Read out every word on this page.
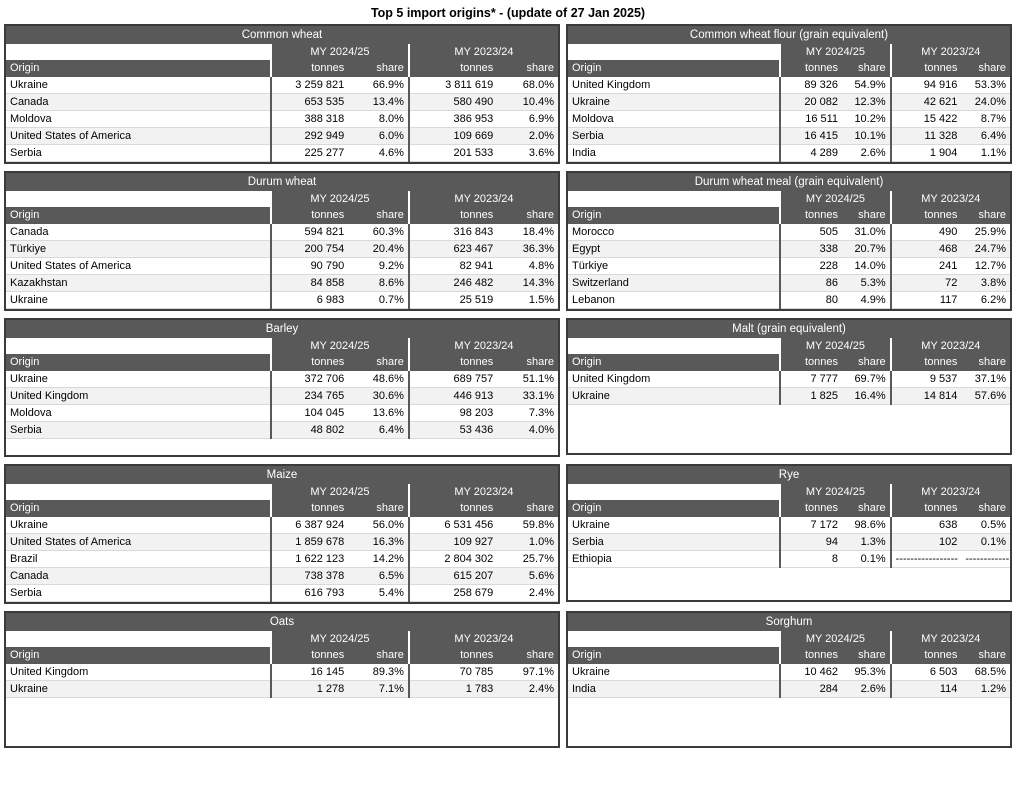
Top 5 import origins* - (update of 27 Jan 2025)
Common wheat				
	MY 2024/25		MY 2023/24	
Origin	tonnes	share	tonnes	share
Ukraine	3 259 821	66.9%	3 811 619	68.0%
Canada	653 535	13.4%	580 490	10.4%
Moldova	388 318	8.0%	386 953	6.9%
United States of America	292 949	6.0%	109 669	2.0%
Serbia	225 277	4.6%	201 533	3.6%
Common wheat flour (grain equivalent)				
	MY 2024/25		MY 2023/24	
Origin	tonnes	share	tonnes	share
United Kingdom	89 326	54.9%	94 916	53.3%
Ukraine	20 082	12.3%	42 621	24.0%
Moldova	16 511	10.2%	15 422	8.7%
Serbia	16 415	10.1%	11 328	6.4%
India	4 289	2.6%	1 904	1.1%
Durum wheat				
	MY 2024/25		MY 2023/24	
Origin	tonnes	share	tonnes	share
Canada	594 821	60.3%	316 843	18.4%
Türkiye	200 754	20.4%	623 467	36.3%
United States of America	90 790	9.2%	82 941	4.8%
Kazakhstan	84 858	8.6%	246 482	14.3%
Ukraine	6 983	0.7%	25 519	1.5%
Durum wheat meal (grain equivalent)				
	MY 2024/25		MY 2023/24	
Origin	tonnes	share	tonnes	share
Morocco	505	31.0%	490	25.9%
Egypt	338	20.7%	468	24.7%
Türkiye	228	14.0%	241	12.7%
Switzerland	86	5.3%	72	3.8%
Lebanon	80	4.9%	117	6.2%
Barley				
	MY 2024/25		MY 2023/24	
Origin	tonnes	share	tonnes	share
Ukraine	372 706	48.6%	689 757	51.1%
United Kingdom	234 765	30.6%	446 913	33.1%
Moldova	104 045	13.6%	98 203	7.3%
Serbia	48 802	6.4%	53 436	4.0%

Malt (grain equivalent)				
	MY 2024/25		MY 2023/24	
Origin	tonnes	share	tonnes	share
United Kingdom	7 777	69.7%	9 537	37.1%
Ukraine	1 825	16.4%	14 814	57.6%

Maize				
	MY 2024/25		MY 2023/24	
Origin	tonnes	share	tonnes	share
Ukraine	6 387 924	56.0%	6 531 456	59.8%
United States of America	1 859 678	16.3%	109 927	1.0%
Brazil	1 622 123	14.2%	2 804 302	25.7%
Canada	738 378	6.5%	615 207	5.6%
Serbia	616 793	5.4%	258 679	2.4%
Rye				
	MY 2024/25		MY 2023/24	
Origin	tonnes	share	tonnes	share
Ukraine	7 172	98.6%	638	0.5%
Serbia	94	1.3%	102	0.1%
Ethiopia	8	0.1%	-----------------	------------

Oats				
	MY 2024/25		MY 2023/24	
Origin	tonnes	share	tonnes	share
United Kingdom	16 145	89.3%	70 785	97.1%
Ukraine	1 278	7.1%	1 783	2.4%

Sorghum				
	MY 2024/25		MY 2023/24	
Origin	tonnes	share	tonnes	share
Ukraine	10 462	95.3%	6 503	68.5%
India	284	2.6%	114	1.2%
